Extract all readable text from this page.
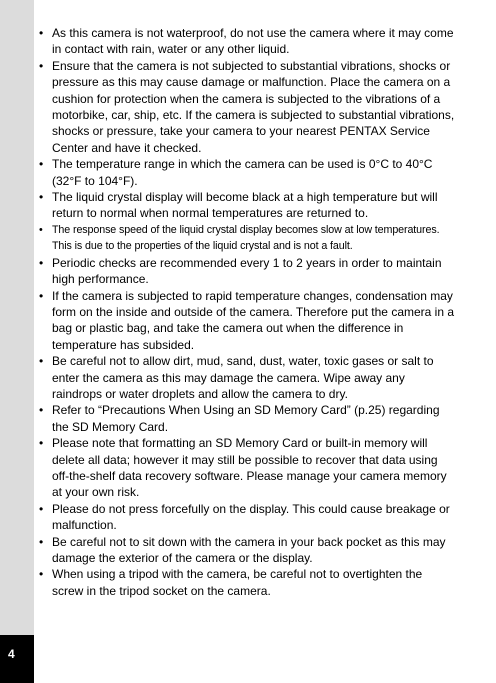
4
• As this camera is not waterproof, do not use the camera where it may come in contact with rain, water or any other liquid.
• Ensure that the camera is not subjected to substantial vibrations, shocks or pressure as this may cause damage or malfunction. Place the camera on a cushion for protection when the camera is subjected to the vibrations of a motorbike, car, ship, etc. If the camera is subjected to substantial vibrations, shocks or pressure, take your camera to your nearest PENTAX Service Center and have it checked.
• The temperature range in which the camera can be used is 0°C to 40°C (32°F to 104°F).
• The liquid crystal display will become black at a high temperature but will return to normal when normal temperatures are returned to.
• The response speed of the liquid crystal display becomes slow at low temperatures. This is due to the properties of the liquid crystal and is not a fault.
• Periodic checks are recommended every 1 to 2 years in order to maintain high performance.
• If the camera is subjected to rapid temperature changes, condensation may form on the inside and outside of the camera. Therefore put the camera in a bag or plastic bag, and take the camera out when the difference in temperature has subsided.
• Be careful not to allow dirt, mud, sand, dust, water, toxic gases or salt to enter the camera as this may damage the camera. Wipe away any raindrops or water droplets and allow the camera to dry.
• Refer to “Precautions When Using an SD Memory Card” (p.25) regarding the SD Memory Card.
• Please note that formatting an SD Memory Card or built-in memory will delete all data; however it may still be possible to recover that data using off-the-shelf data recovery software. Please manage your camera memory at your own risk.
• Please do not press forcefully on the display. This could cause breakage or malfunction.
• Be careful not to sit down with the camera in your back pocket as this may damage the exterior of the camera or the display.
• When using a tripod with the camera, be careful not to overtighten the screw in the tripod socket on the camera.
